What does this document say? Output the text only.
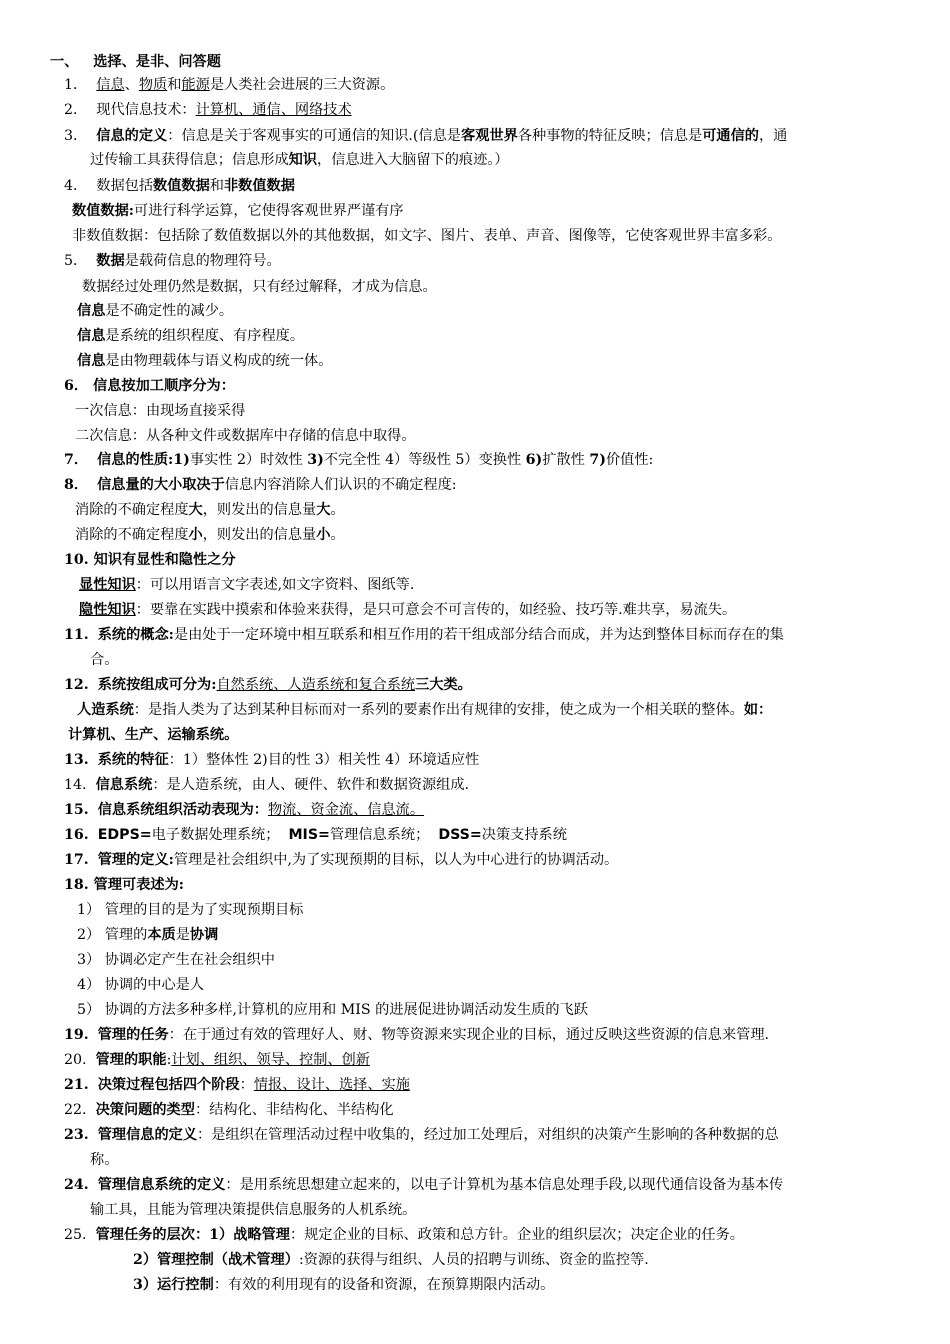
一、 选择、是非、问答题
1． 信息、物质和能源是人类社会进展的三大资源。
2． 现代信息技术：计算机、通信、网络技术
3． 信息的定义：信息是关于客观事实的可通信的知识.(信息是客观世界各种事物的特征反映；信息是可通信的，通
过传输工具获得信息；信息形成知识，信息进入大脑留下的痕迹。）
4． 数据包括数值数据和非数值数据
数值数据:可进行科学运算，它使得客观世界严谨有序
非数值数据：包括除了数值数据以外的其他数据，如文字、图片、表单、声音、图像等，它使客观世界丰富多彩。
5． 数据是载荷信息的物理符号。
数据经过处理仍然是数据，只有经过解释，才成为信息。
信息是不确定性的减少。
信息是系统的组织程度、有序程度。
信息是由物理载体与语义构成的统一体。
6． 信息按加工顺序分为：
一次信息：由现场直接采得
二次信息：从各种文件或数据库中存储的信息中取得。
7． 信息的性质:1)事实性 2）时效性 3)不完全性 4）等级性 5）变换性 6)扩散性 7)价值性:
8． 信息量的大小取决于信息内容消除人们认识的不确定程度:
消除的不确定程度大，则发出的信息量大。
消除的不确定程度小，则发出的信息量小。
10. 知识有显性和隐性之分
显性知识：可以用语言文字表述,如文字资料、图纸等.
隐性知识：要靠在实践中摸索和体验来获得，是只可意会不可言传的，如经验、技巧等.难共享，易流失。
11. 系统的概念:是由处于一定环境中相互联系和相互作用的若干组成部分结合而成，并为达到整体目标而存在的集
合。
12. 系统按组成可分为:自然系统、人造系统和复合系统三大类。
人造系统：是指人类为了达到某种目标而对一系列的要素作出有规律的安排，使之成为一个相关联的整体。如：
计算机、生产、运输系统。
13. 系统的特征：1）整体性 2)目的性 3）相关性 4）环境适应性
14. 信息系统：是人造系统，由人、硬件、软件和数据资源组成.
15. 信息系统组织活动表现为：物流、资金流、信息流。
16. EDPS=电子数据处理系统； MIS=管理信息系统； DSS=决策支持系统
17. 管理的定义:管理是社会组织中,为了实现预期的目标，以人为中心进行的协调活动。
18. 管理可表述为:
1） 管理的目的是为了实现预期目标
2） 管理的本质是协调
3） 协调必定产生在社会组织中
4） 协调的中心是人
5） 协调的方法多种多样,计算机的应用和 MIS 的进展促进协调活动发生质的飞跃
19. 管理的任务：在于通过有效的管理好人、财、物等资源来实现企业的目标，通过反映这些资源的信息来管理.
20. 管理的职能:计划、组织、领导、控制、创新
21. 决策过程包括四个阶段：情报、设计、选择、实施
22. 决策问题的类型：结构化、非结构化、半结构化
23. 管理信息的定义：是组织在管理活动过程中收集的，经过加工处理后，对组织的决策产生影响的各种数据的总
称。
24. 管理信息系统的定义：是用系统思想建立起来的，以电子计算机为基本信息处理手段,以现代通信设备为基本传
输工具，且能为管理决策提供信息服务的人机系统。
25. 管理任务的层次：1）战略管理：规定企业的目标、政策和总方针。企业的组织层次；决定企业的任务。
2）管理控制（战术管理）:资源的获得与组织、人员的招聘与训练、资金的监控等.
3）运行控制：有效的利用现有的设备和资源，在预算期限内活动。
